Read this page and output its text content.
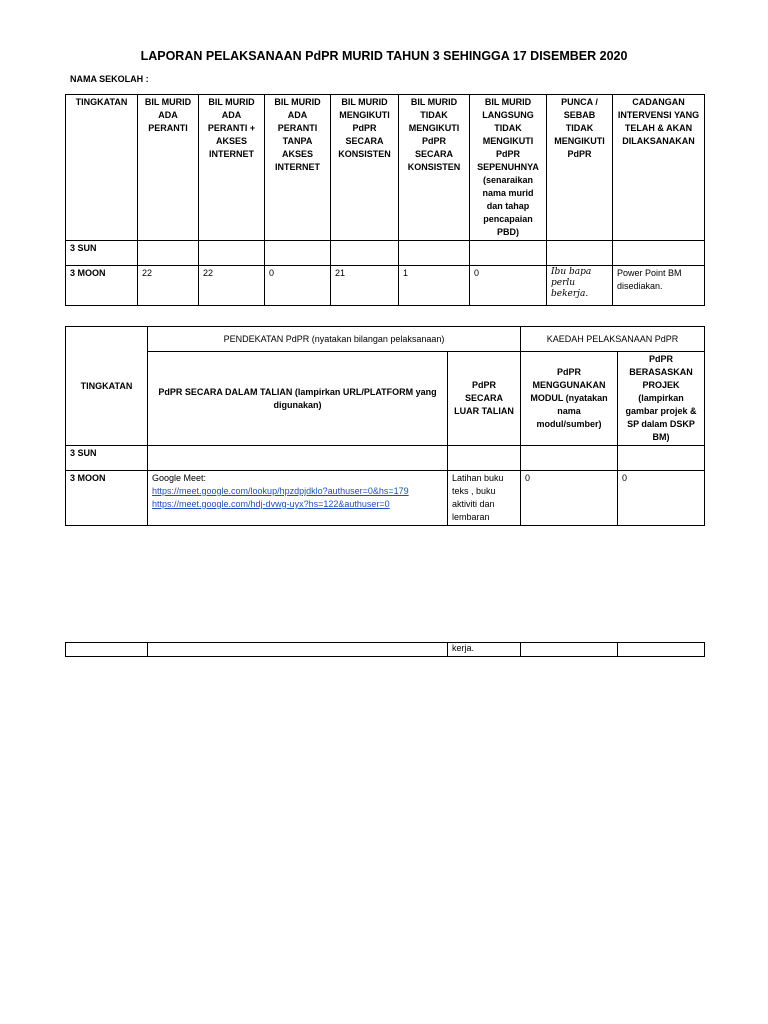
LAPORAN PELAKSANAAN PdPR MURID TAHUN 3 SEHINGGA 17 DISEMBER 2020
NAMA SEKOLAH :
TINGKATAN	BIL MURID ADA PERANTI	BIL MURID ADA PERANTI + AKSES INTERNET	BIL MURID ADA PERANTI TANPA AKSES INTERNET	BIL MURID MENGIKUTI PdPR SECARA KONSISTEN	BIL MURID TIDAK MENGIKUTI PdPR SECARA KONSISTEN	BIL MURID LANGSUNG TIDAK MENGIKUTI PdPR SEPENUHNYA (senaraikan nama murid dan tahap pencapaian PBD)	PUNCA / SEBAB TIDAK MENGIKUTI PdPR	CADANGAN INTERVENSI YANG TELAH & AKAN DILAKSANAKAN
3 SUN								
3 MOON	22	22	0	21	1	0	Ibu bapa perlu bekerja.	Power Point BM disediakan.
TINGKATAN	PENDEKATAN PdPR (nyatakan bilangan pelaksanaan)		KAEDAH PELAKSANAAN PdPR	
	PdPR SECARA DALAM TALIAN (lampirkan URL/PLATFORM yang digunakan)	PdPR SECARA LUAR TALIAN	PdPR MENGGUNAKAN MODUL (nyatakan nama modul/sumber)	PdPR BERASASKAN PROJEK (lampirkan gambar projek & SP dalam DSKP BM)
3 SUN				
3 MOON	Google Meet:
https://meet.google.com/lookup/hpzdpjdklo?authuser=0&hs=179
https://meet.google.com/hdj-dvwg-uyx?hs=122&authuser=0	Latihan buku teks , buku aktiviti dan lembaran	0	0
		kerja.		
